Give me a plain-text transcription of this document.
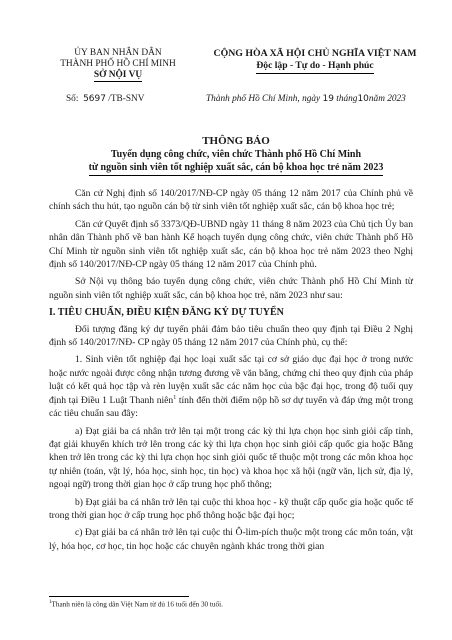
ỦY BAN NHÂN DÂN
THÀNH PHỐ HỒ CHÍ MINH
SỞ NỘI VỤ
CỘNG HÒA XÃ HỘI CHỦ NGHĨA VIỆT NAM
Độc lập - Tự do - Hạnh phúc
Số: 5697 /TB-SNV	Thành phố Hồ Chí Minh, ngày 19 tháng10năm 2023
THÔNG BÁO
Tuyển dụng công chức, viên chức Thành phố Hồ Chí Minh
từ nguồn sinh viên tốt nghiệp xuất sắc, cán bộ khoa học trẻ năm 2023

Căn cứ Nghị định số 140/2017/NĐ-CP ngày 05 tháng 12 năm 2017 của Chính phủ về chính sách thu hút, tạo nguồn cán bộ từ sinh viên tốt nghiệp xuất sắc, cán bộ khoa học trẻ;

Căn cứ Quyết định số 3373/QĐ-UBND ngày 11 tháng 8 năm 2023 của Chủ tịch Ủy ban nhân dân Thành phố về ban hành Kế hoạch tuyển dụng công chức, viên chức Thành phố Hồ Chí Minh từ nguồn sinh viên tốt nghiệp xuất sắc, cán bộ khoa học trẻ năm 2023 theo Nghị định số 140/2017/NĐ-CP ngày 05 tháng 12 năm 2017 của Chính phủ.

Sở Nội vụ thông báo tuyển dụng công chức, viên chức Thành phố Hồ Chí Minh từ nguồn sinh viên tốt nghiệp xuất sắc, cán bộ khoa học trẻ, năm 2023 như sau:

I. TIÊU CHUẨN, ĐIỀU KIỆN ĐĂNG KÝ DỰ TUYỂN

Đối tượng đăng ký dự tuyển phải đảm bảo tiêu chuẩn theo quy định tại Điều 2 Nghị định số 140/2017/NĐ- CP ngày 05 tháng 12 năm 2017 của Chính phủ, cụ thể:

1. Sinh viên tốt nghiệp đại học loại xuất sắc tại cơ sở giáo dục đại học ở trong nước hoặc nước ngoài được công nhận tương đương về văn bằng, chứng chỉ theo quy định của pháp luật có kết quả học tập và rèn luyện xuất sắc các năm học của bậc đại học, trong độ tuổi quy định tại Điều 1 Luật Thanh niên$^1$ tính đến thời điểm nộp hồ sơ dự tuyển và đáp ứng một trong các tiêu chuẩn sau đây:

a) Đạt giải ba cá nhân trở lên tại một trong các kỳ thi lựa chọn học sinh giỏi cấp tỉnh, đạt giải khuyến khích trở lên trong các kỳ thi lựa chọn học sinh giỏi cấp quốc gia hoặc Bằng khen trở lên trong các kỳ thi lựa chọn học sinh giỏi quốc tế thuộc một trong các môn khoa học tự nhiên (toán, vật lý, hóa học, sinh học, tin học) và khoa học xã hội (ngữ văn, lịch sử, địa lý, ngoại ngữ) trong thời gian học ở cấp trung học phổ thông;

b) Đạt giải ba cá nhân trở lên tại cuộc thi khoa học - kỹ thuật cấp quốc gia hoặc quốc tế trong thời gian học ở cấp trung học phổ thông hoặc bậc đại học;

c) Đạt giải ba cá nhân trở lên tại cuộc thi Ô-lim-pích thuộc một trong các môn toán, vật lý, hóa học, cơ học, tin học hoặc các chuyên ngành khác trong thời gian

$^1$Thanh niên là công dân Việt Nam từ đủ 16 tuổi đến 30 tuổi.
